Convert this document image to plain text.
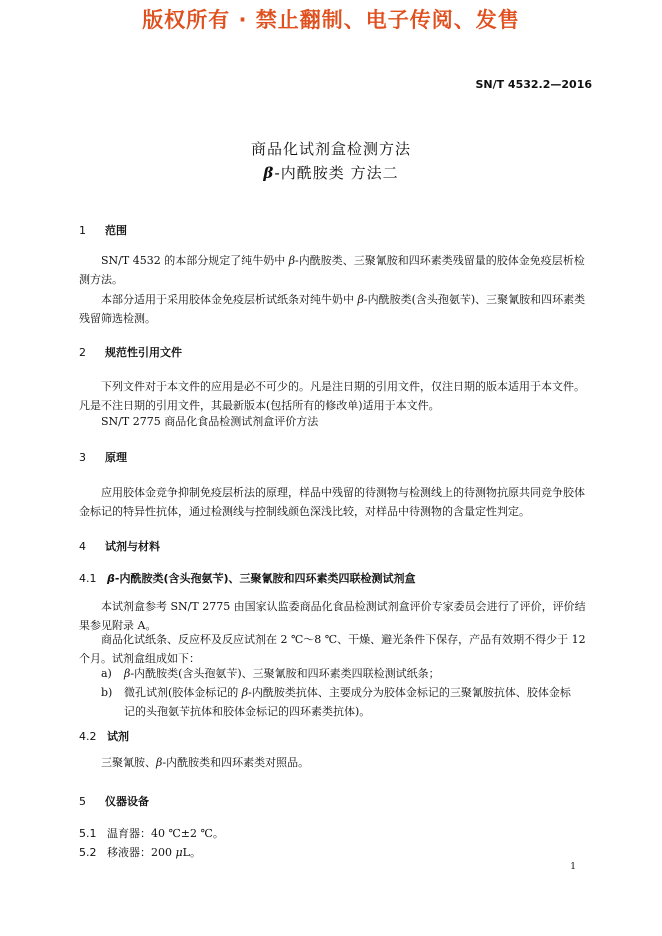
版权所有 · 禁止翻制、电子传阅、发售
SN/T 4532.2—2016
商品化试剂盒检测方法
β-内酰胺类 方法二
1 范围
SN/T 4532 的本部分规定了纯牛奶中 β-内酰胺类、三聚氰胺和四环素类残留量的胶体金免疫层析检测方法。
本部分适用于采用胶体金免疫层析试纸条对纯牛奶中 β-内酰胺类(含头孢氨苄)、三聚氰胺和四环素类残留筛选检测。
2 规范性引用文件
下列文件对于本文件的应用是必不可少的。凡是注日期的引用文件，仅注日期的版本适用于本文件。凡是不注日期的引用文件，其最新版本(包括所有的修改单)适用于本文件。
SN/T 2775 商品化食品检测试剂盒评价方法
3 原理
应用胶体金竞争抑制免疫层析法的原理，样品中残留的待测物与检测线上的待测物抗原共同竞争胶体金标记的特异性抗体，通过检测线与控制线颜色深浅比较，对样品中待测物的含量定性判定。
4 试剂与材料
4.1 β-内酰胺类(含头孢氨苄)、三聚氰胺和四环素类四联检测试剂盒
本试剂盒参考 SN/T 2775 由国家认监委商品化食品检测试剂盒评价专家委员会进行了评价，评价结果参见附录 A。
商品化试纸条、反应杯及反应试剂在 2 ℃～8 ℃、干燥、避光条件下保存，产品有效期不得少于 12 个月。试剂盒组成如下：
a) β-内酰胺类(含头孢氨苄)、三聚氰胺和四环素类四联检测试纸条；
b) 微孔试剂(胶体金标记的 β-内酰胺类抗体、主要成分为胶体金标记的三聚氰胺抗体、胶体金标
记的头孢氨苄抗体和胶体金标记的四环素类抗体)。
4.2 试剂
三聚氰胺、β-内酰胺类和四环素类对照品。
5 仪器设备
5.1 温育器：40 ℃±2 ℃。
5.2 移液器：200 μL。
1
